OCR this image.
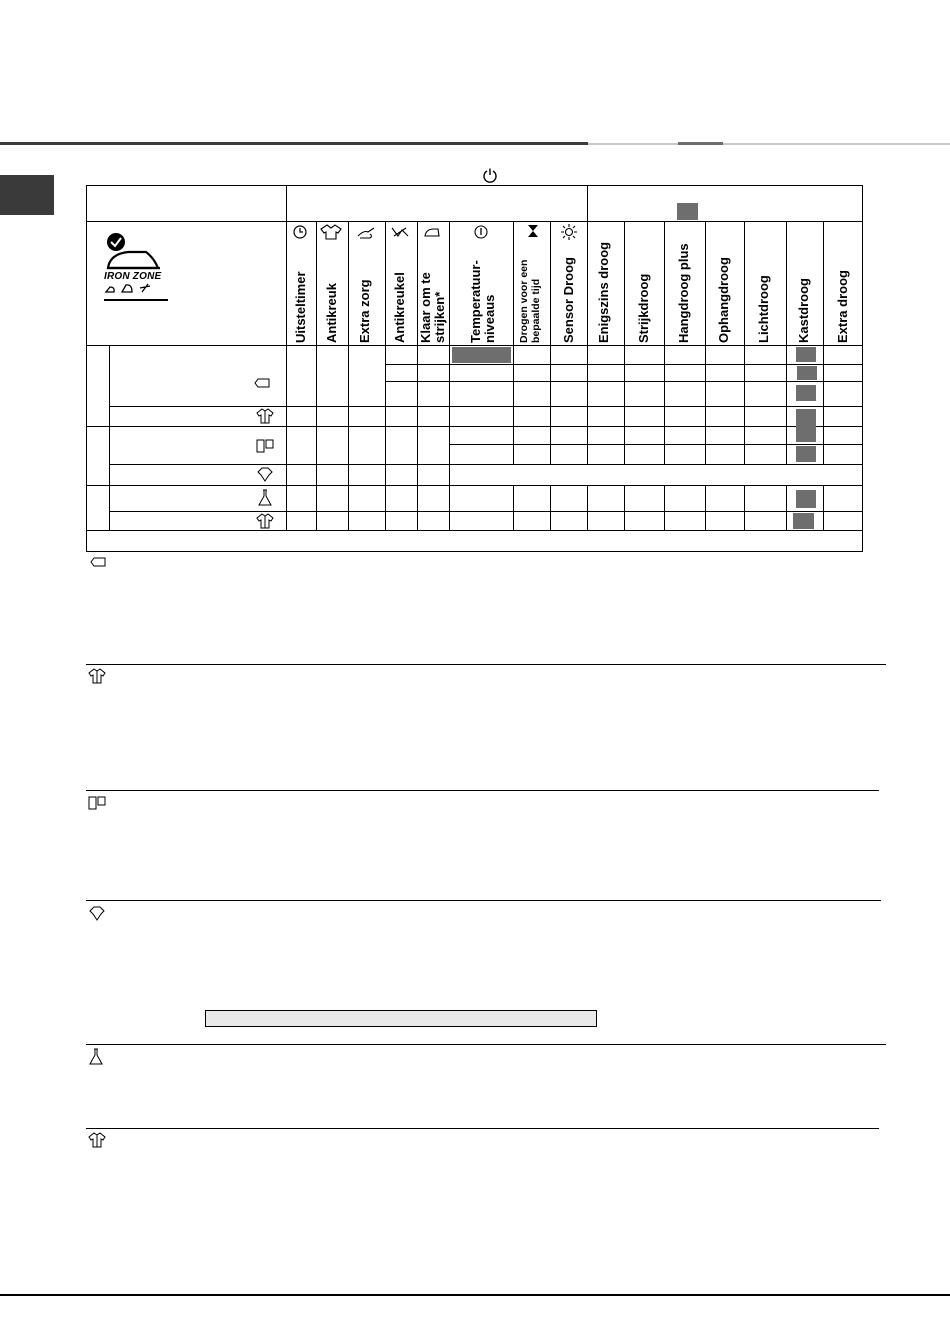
IRON ZONE	Uitsteltimer Antikreuk Extra zorg Antikreukel Klaar om te
strijken* Temperatuur-
niveaus Drogen voor een
bepaalde tijd Sensor Droog Enigszins droog Strijkdroog Hangdroog plus Ophangdroog Lichtdroog Kastdroog Extra droog
